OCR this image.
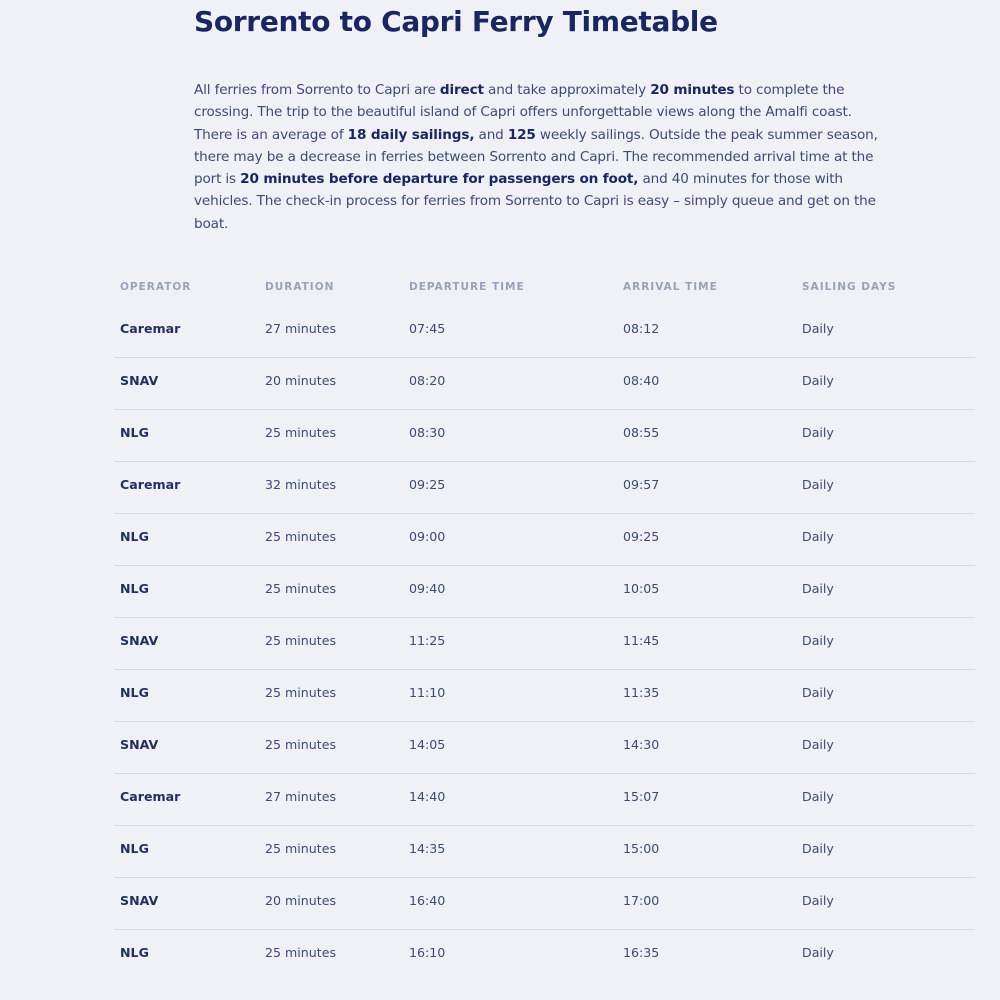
Sorrento to Capri Ferry Timetable

All ferries from Sorrento to Capri are direct and take approximately 20 minutes to complete the crossing. The trip to the beautiful island of Capri offers unforgettable views along the Amalfi coast. There is an average of 18 daily sailings, and 125 weekly sailings. Outside the peak summer season, there may be a decrease in ferries between Sorrento and Capri. The recommended arrival time at the port is 20 minutes before departure for passengers on foot, and 40 minutes for those with vehicles. The check-in process for ferries from Sorrento to Capri is easy – simply queue and get on the boat.

OPERATOR	DURATION	DEPARTURE TIME	ARRIVAL TIME	SAILING DAYS
Caremar	27 minutes	07:45	08:12	Daily
SNAV	20 minutes	08:20	08:40	Daily
NLG	25 minutes	08:30	08:55	Daily
Caremar	32 minutes	09:25	09:57	Daily
NLG	25 minutes	09:00	09:25	Daily
NLG	25 minutes	09:40	10:05	Daily
SNAV	25 minutes	11:25	11:45	Daily
NLG	25 minutes	11:10	11:35	Daily
SNAV	25 minutes	14:05	14:30	Daily
Caremar	27 minutes	14:40	15:07	Daily
NLG	25 minutes	14:35	15:00	Daily
SNAV	20 minutes	16:40	17:00	Daily
NLG	25 minutes	16:10	16:35	Daily
